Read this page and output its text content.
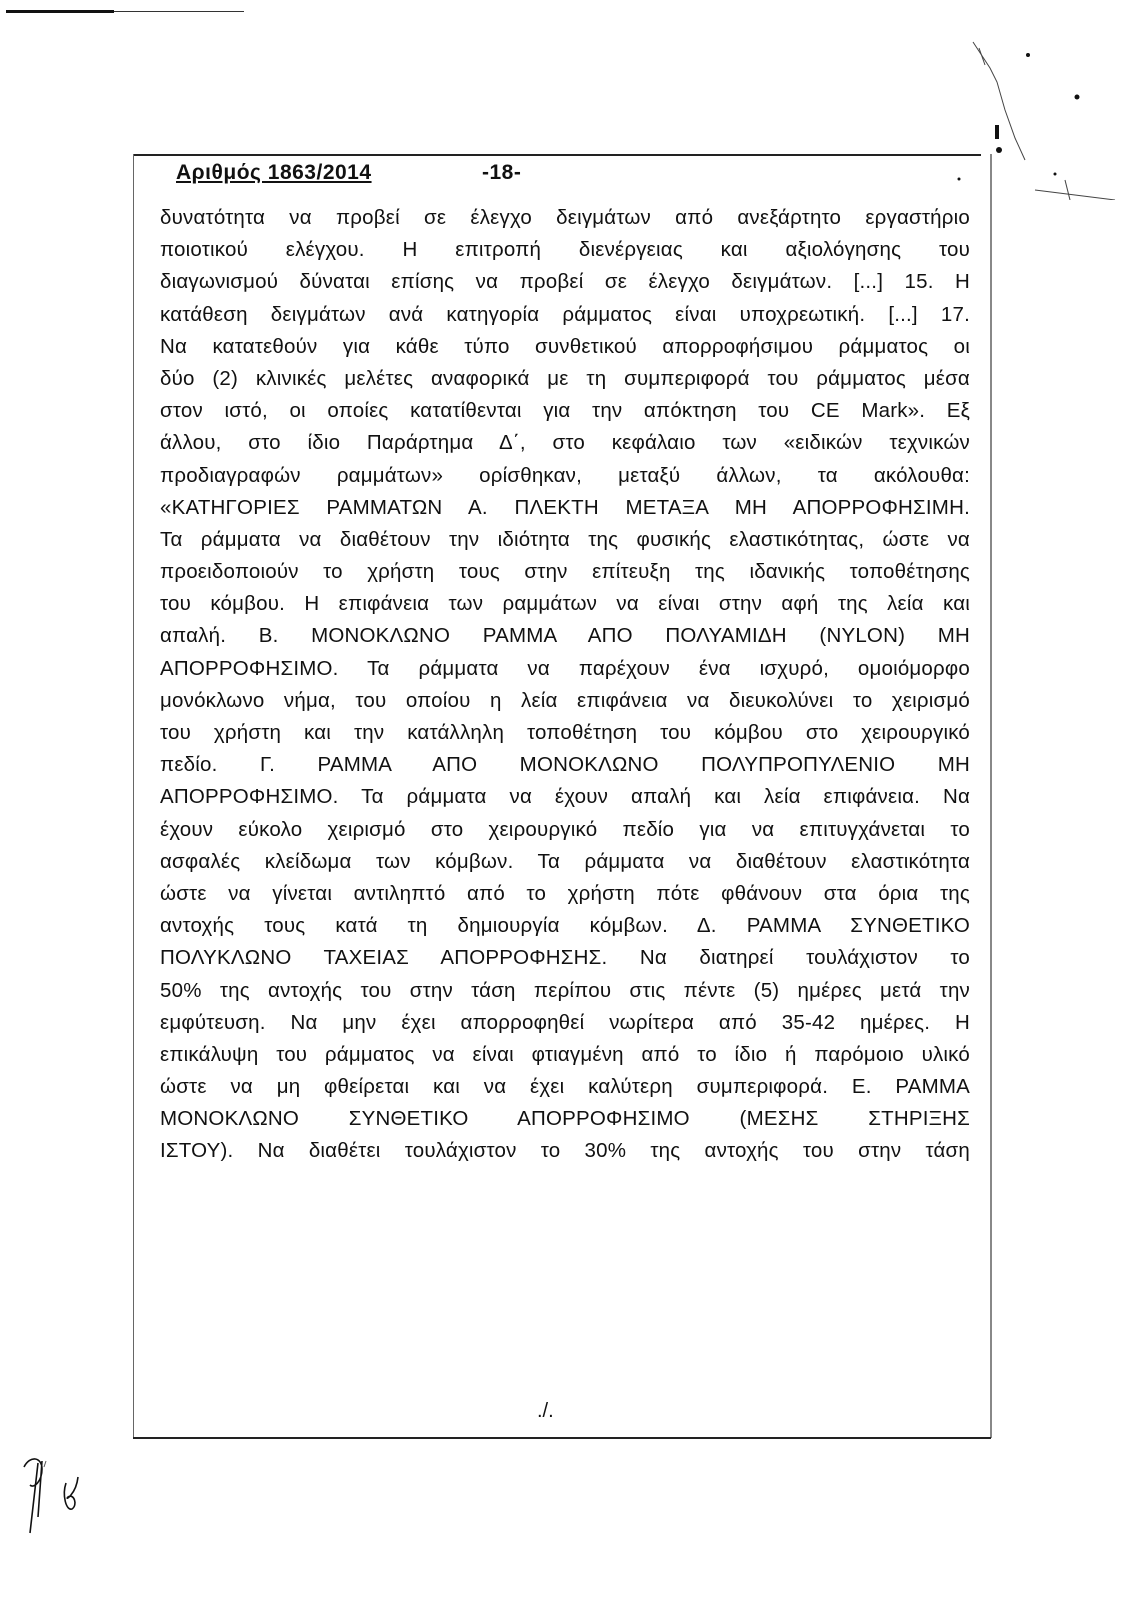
Αριθμός 1863/2014	-18-
δυνατότητα να προβεί σε έλεγχο δειγμάτων από ανεξάρτητο εργαστήριο
ποιοτικού ελέγχου. Η επιτροπή διενέργειας και αξιολόγησης του
διαγωνισμού δύναται επίσης να προβεί σε έλεγχο δειγμάτων. [...] 15. Η
κατάθεση δειγμάτων ανά κατηγορία ράμματος είναι υποχρεωτική. [...] 17.
Να κατατεθούν για κάθε τύπο συνθετικού απορροφήσιμου ράμματος οι
δύο (2) κλινικές μελέτες αναφορικά με τη συμπεριφορά του ράμματος μέσα
στον ιστό, οι οποίες κατατίθενται για την απόκτηση του CE Mark». Εξ
άλλου, στο ίδιο Παράρτημα Δ΄, στο κεφάλαιο των «ειδικών τεχνικών
προδιαγραφών ραμμάτων» ορίσθηκαν, μεταξύ άλλων, τα ακόλουθα:
«ΚΑΤΗΓΟΡΙΕΣ ΡΑΜΜΑΤΩΝ Α. ΠΛΕΚΤΗ ΜΕΤΑΞΑ ΜΗ ΑΠΟΡΡΟΦΗΣΙΜΗ.
Τα ράμματα να διαθέτουν την ιδιότητα της φυσικής ελαστικότητας, ώστε να
προειδοποιούν το χρήστη τους στην επίτευξη της ιδανικής τοποθέτησης
του κόμβου. Η επιφάνεια των ραμμάτων να είναι στην αφή της λεία και
απαλή. Β. ΜΟΝΟΚΛΩΝΟ ΡΑΜΜΑ ΑΠΟ ΠΟΛΥΑΜΙΔΗ (NYLON) ΜΗ
ΑΠΟΡΡΟΦΗΣΙΜΟ. Τα ράμματα να παρέχουν ένα ισχυρό, ομοιόμορφο
μονόκλωνο νήμα, του οποίου η λεία επιφάνεια να διευκολύνει το χειρισμό
του χρήστη και την κατάλληλη τοποθέτηση του κόμβου στο χειρουργικό
πεδίο. Γ. ΡΑΜΜΑ ΑΠΟ ΜΟΝΟΚΛΩΝΟ ΠΟΛΥΠΡΟΠΥΛΕΝΙΟ ΜΗ
ΑΠΟΡΡΟΦΗΣΙΜΟ. Τα ράμματα να έχουν απαλή και λεία επιφάνεια. Να
έχουν εύκολο χειρισμό στο χειρουργικό πεδίο για να επιτυγχάνεται το
ασφαλές κλείδωμα των κόμβων. Τα ράμματα να διαθέτουν ελαστικότητα
ώστε να γίνεται αντιληπτό από το χρήστη πότε φθάνουν στα όρια της
αντοχής τους κατά τη δημιουργία κόμβων. Δ. ΡΑΜΜΑ ΣΥΝΘΕΤΙΚΟ
ΠΟΛΥΚΛΩΝΟ ΤΑΧΕΙΑΣ ΑΠΟΡΡΟΦΗΣΗΣ. Να διατηρεί τουλάχιστον το
50% της αντοχής του στην τάση περίπου στις πέντε (5) ημέρες μετά την
εμφύτευση. Να μην έχει απορροφηθεί νωρίτερα από 35-42 ημέρες. Η
επικάλυψη του ράμματος να είναι φτιαγμένη από το ίδιο ή παρόμοιο υλικό
ώστε να μη φθείρεται και να έχει καλύτερη συμπεριφορά. Ε. ΡΑΜΜΑ
ΜΟΝΟΚΛΩΝΟ ΣΥΝΘΕΤΙΚΟ ΑΠΟΡΡΟΦΗΣΙΜΟ (ΜΕΣΗΣ ΣΤΗΡΙΞΗΣ
ΙΣΤΟΥ). Να διαθέτει τουλάχιστον το 30% της αντοχής του στην τάση
./.
